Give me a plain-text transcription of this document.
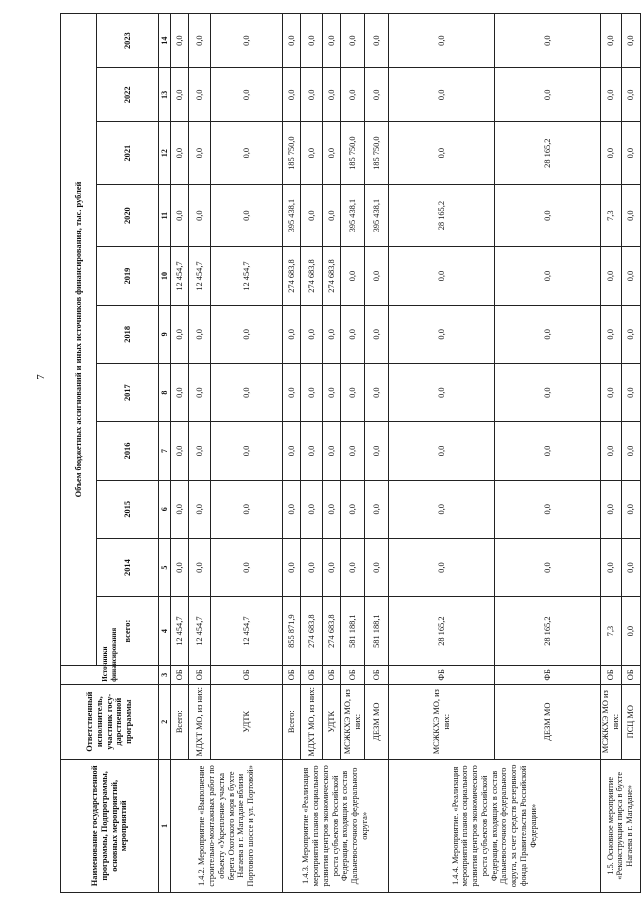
7
Наименование государственной программы, Подпрограммы, основных мероприятий, мероприятий	Ответственный исполнитель, участник госу-дарственной программы	Источники финансирования	Объем бюджетных ассигнований и иных источников финансирования, тыс. рублей										
			всего:	2014	2015	2016	2017	2018	2019	2020	2021	2022	2023
1	2	3	4	5	6	7	8	9	10	11	12	13	14
1.4.2. Мероприятие «Выполнение строительно-монтажных работ по объекту «Укрепление участка берега Охотского моря в бухте Нагаева в г. Магадане вблизи Портового шоссе и ул. Портовой»	Всего:	ОБ	12 454,7	0,0	0,0	0,0	0,0	0,0	12 454,7	0,0	0,0	0,0	0,0
	МДХТ МО, из них:	ОБ	12 454,7	0,0	0,0	0,0	0,0	0,0	12 454,7	0,0	0,0	0,0	0,0
	УДТК	ОБ	12 454,7	0,0	0,0	0,0	0,0	0,0	12 454,7	0,0	0,0	0,0	0,0
1.4.3. Мероприятие «Реализация мероприятий планов социального развития центров экономического роста субъектов Российской Федерации, входящих в состав Дальневосточного федерального округа»	Всего:	ОБ	855 871,9	0,0	0,0	0,0	0,0	0,0	274 683,8	395 438,1	185 750,0	0,0	0,0
	МДХТ МО, из них:	ОБ	274 683,8	0,0	0,0	0,0	0,0	0,0	274 683,8	0,0	0,0	0,0	0,0
	УДТК	ОБ	274 683,8	0,0	0,0	0,0	0,0	0,0	274 683,8	0,0	0,0	0,0	0,0
	МСЖКХЭ МО, из них:	ОБ	581 188,1	0,0	0,0	0,0	0,0	0,0	0,0	395 438,1	185 750,0	0,0	0,0
	ДЕЗМ МО	ОБ	581 188,1	0,0	0,0	0,0	0,0	0,0	0,0	395 438,1	185 750,0	0,0	0,0
1.4.4. Мероприятие. «Реализация мероприятий планов социального развития центров экономического роста субъектов Российской Федерации, входящих в состав Дальневосточного федерального округа, за счет средств резервного фонда Правительства Российской Федерации»	МСЖКХЭ МО, из них:	ФБ	28 165,2	0,0	0,0	0,0	0,0	0,0	0,0	28 165,2	0,0	0,0	0,0
	ДЕЗМ МО	ФБ	28 165,2	0,0	0,0	0,0	0,0	0,0	0,0	0,0	28 165,2	0,0	0,0
1.5. Основное мероприятие «Реконструкция пирса в бухте Нагаева в г. Магадане»	МСЖКХЭ МО из них:	ОБ	7,3	0,0	0,0	0,0	0,0	0,0	0,0	7,3	0,0	0,0	0,0
	ПСЦ МО	ОБ	0,0	0,0	0,0	0,0	0,0	0,0	0,0	0,0	0,0	0,0	0,0
